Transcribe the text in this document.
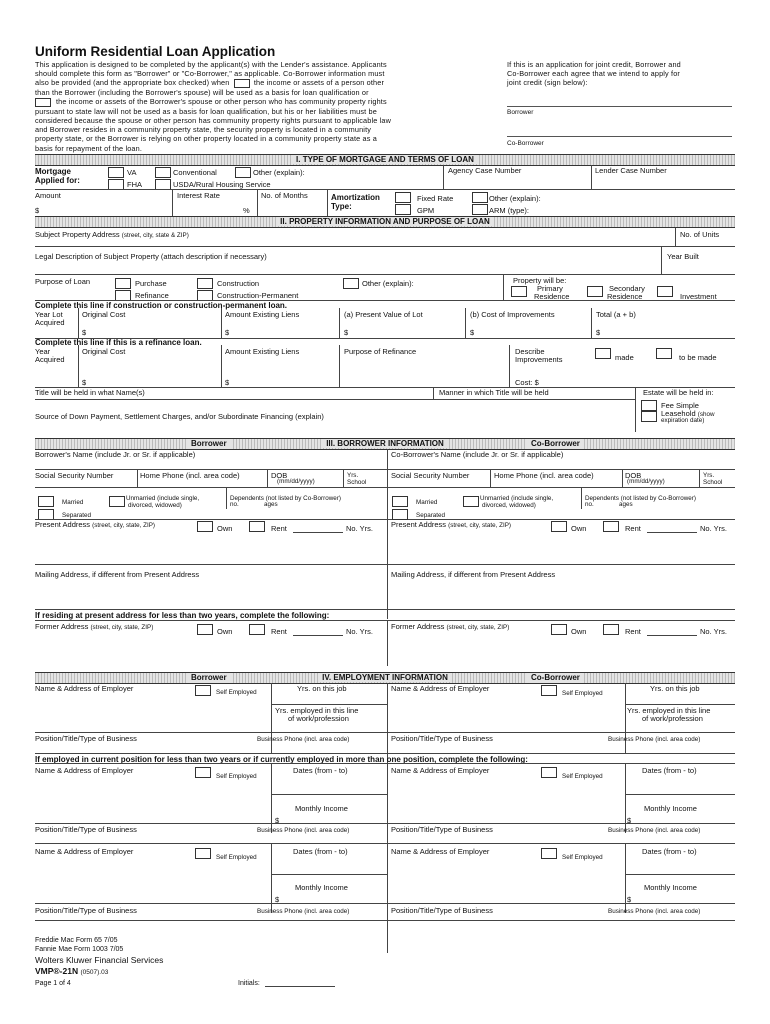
Uniform Residential Loan Application
This application is designed to be completed by the applicant(s) with the Lender's assistance. Applicants
should complete this form as "Borrower" or "Co-Borrower," as applicable. Co-Borrower information must
also be provided (and the appropriate box checked) when	the income or assets of a person other
than the Borrower (including the Borrower's spouse) will be used as a basis for loan qualification or
the income or assets of the Borrower's spouse or other person who has community property rights
pursuant to state law will not be used as a basis for loan qualification, but his or her liabilities must be
considered because the spouse or other person has community property rights pursuant to applicable law
and Borrower resides in a community property state, the security property is located in a community
property state, or the Borrower is relying on other property located in a community property state as a
basis for repayment of the loan.
If this is an application for joint credit, Borrower and
Co-Borrower each agree that we intend to apply for
joint credit (sign below):
Borrower
Co-Borrower
I. TYPE OF MORTGAGE AND TERMS OF LOAN
Mortgage
Applied for:
VA	Conventional	Other (explain):
FHA	USDA/Rural Housing Service
Agency Case Number	Lender Case Number
Amount
$
Interest Rate
%
No. of Months	Amortization
Type:
Fixed Rate
GPM
Other (explain):
ARM (type):
II. PROPERTY INFORMATION AND PURPOSE OF LOAN
Subject Property Address (street, city, state & ZIP)	No. of Units
Legal Description of Subject Property (attach description if necessary)	Year Built
Purpose of Loan	Purchase	Construction	Other (explain):
Refinance	Construction-Permanent
Property will be:
Primary
Residence
Secondary
Residence	Investment
Complete this line if construction or construction-permanent loan.
Year Lot
Acquired
Original Cost
$
Amount Existing Liens
$
(a) Present Value of Lot
$
(b) Cost of Improvements
$
Total (a + b)
$
Complete this line if this is a refinance loan.
Year
Acquired
Original Cost
$
Amount Existing Liens
$
Purpose of Refinance	Describe
Improvements	made	to be made
Cost: $
Title will be held in what Name(s)	Manner in which Title will be held	Estate will be held in:
Fee Simple
Leasehold (show
expiration date)
Source of Down Payment, Settlement Charges, and/or Subordinate Financing (explain)
Borrower	III. BORROWER INFORMATION	Co-Borrower
Borrower's Name (include Jr. or Sr. if applicable)
Social Security Number	Home Phone (incl. area code)	DOB
(mm/dd/yyyy)
Yrs.
School
Married
Unmarried (include single,
divorced, widowed)
Dependents (not listed by Co-Borrower)
no.	ages
Separated
Present Address (street, city, state, ZIP)	Own	Rent	No. Yrs.
Mailing Address, if different from Present Address
Co-Borrower's Name (include Jr. or Sr. if applicable)
Social Security Number	Home Phone (incl. area code)	DOB
(mm/dd/yyyy)
Yrs.
School
Married
Unmarried (include single,
divorced, widowed)
Dependents (not listed by Co-Borrower)
no.	ages
Separated
Present Address (street, city, state, ZIP)	Own	Rent	No. Yrs.
Mailing Address, if different from Present Address
If residing at present address for less than two years, complete the following:
Former Address (street, city, state, ZIP)	Own	Rent	No. Yrs.
Former Address (street, city, state, ZIP)	Own	Rent	No. Yrs.
Borrower	IV. EMPLOYMENT INFORMATION	Co-Borrower
Name & Address of Employer	Self Employed	Yrs. on this job
Yrs. employed in this line
of work/profession
Position/Title/Type of Business	Business Phone (incl. area code)
Name & Address of Employer
Self Employed
Yrs. on this job
Yrs. employed in this line
of work/profession
Position/Title/Type of Business	Business Phone (incl. area code)
If employed in current position for less than two years or if currently employed in more than one position, complete the following:
Name & Address of Employer
Self Employed
Dates (from - to)
Monthly Income
$
Position/Title/Type of Business	Business Phone (incl. area code)
Name & Address of Employer
Self Employed
Dates (from - to)
Monthly Income
$
Position/Title/Type of Business	Business Phone (incl. area code)
Name & Address of Employer
Self Employed
Dates (from - to)
Monthly Income
$
Position/Title/Type of Business	Business Phone (incl. area code)
Name & Address of Employer
Self Employed
Dates (from - to)
Monthly Income
$
Position/Title/Type of Business	Business Phone (incl. area code)
Freddie Mac Form 65 7/05
Fannie Mae Form 1003 7/05
Wolters Kluwer Financial Services
VMP®-21N (0507).03
Page 1 of 4	Initials:
